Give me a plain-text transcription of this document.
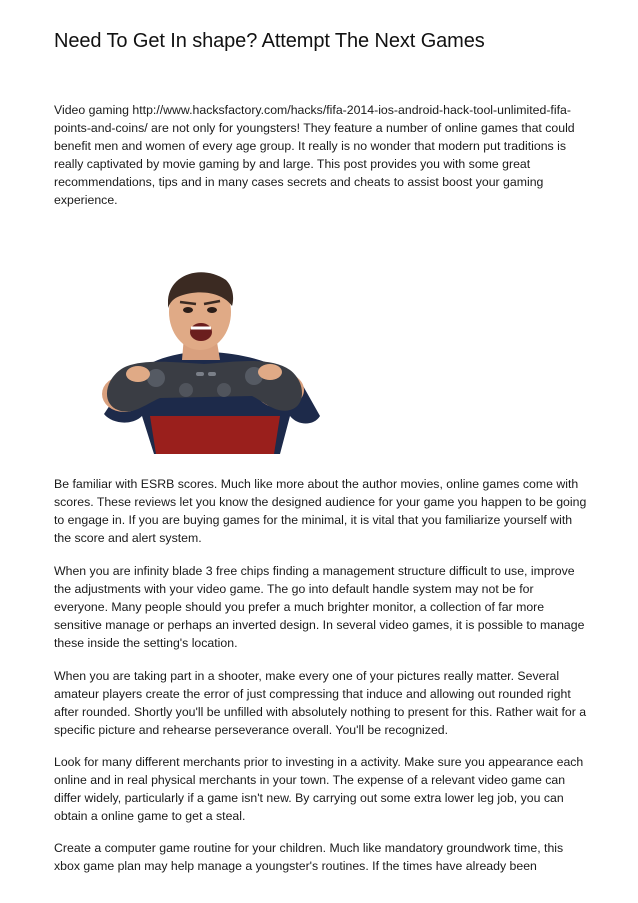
Need To Get In shape? Attempt The Next Games

Video gaming http://www.hacksfactory.com/hacks/fifa-2014-ios-android-hack-tool-unlimited-fifa-points-and-coins/ are not only for youngsters! They feature a number of online games that could benefit men and women of every age group. It really is no wonder that modern put traditions is really captivated by movie gaming by and large. This post provides you with some great recommendations, tips and in many cases secrets and cheats to assist boost your gaming experience.

Be familiar with ESRB scores. Much like more about the author movies, online games come with scores. These reviews let you know the designed audience for your game you happen to be going to engage in. If you are buying games for the minimal, it is vital that you familiarize yourself with the score and alert system.

When you are infinity blade 3 free chips finding a management structure difficult to use, improve the adjustments with your video game. The go into default handle system may not be for everyone. Many people should you prefer a much brighter monitor, a collection of far more sensitive manage or perhaps an inverted design. In several video games, it is possible to manage these inside the setting's location.

When you are taking part in a shooter, make every one of your pictures really matter. Several amateur players create the error of just compressing that induce and allowing out rounded right after rounded. Shortly you'll be unfilled with absolutely nothing to present for this. Rather wait for a specific picture and rehearse perseverance overall. You'll be recognized.

Look for many different merchants prior to investing in a activity. Make sure you appearance each online and in real physical merchants in your town. The expense of a relevant video game can differ widely, particularly if a game isn't new. By carrying out some extra lower leg job, you can obtain a online game to get a steal.

Create a computer game routine for your children. Much like mandatory groundwork time, this xbox game plan may help manage a youngster's routines. If the times have already been
